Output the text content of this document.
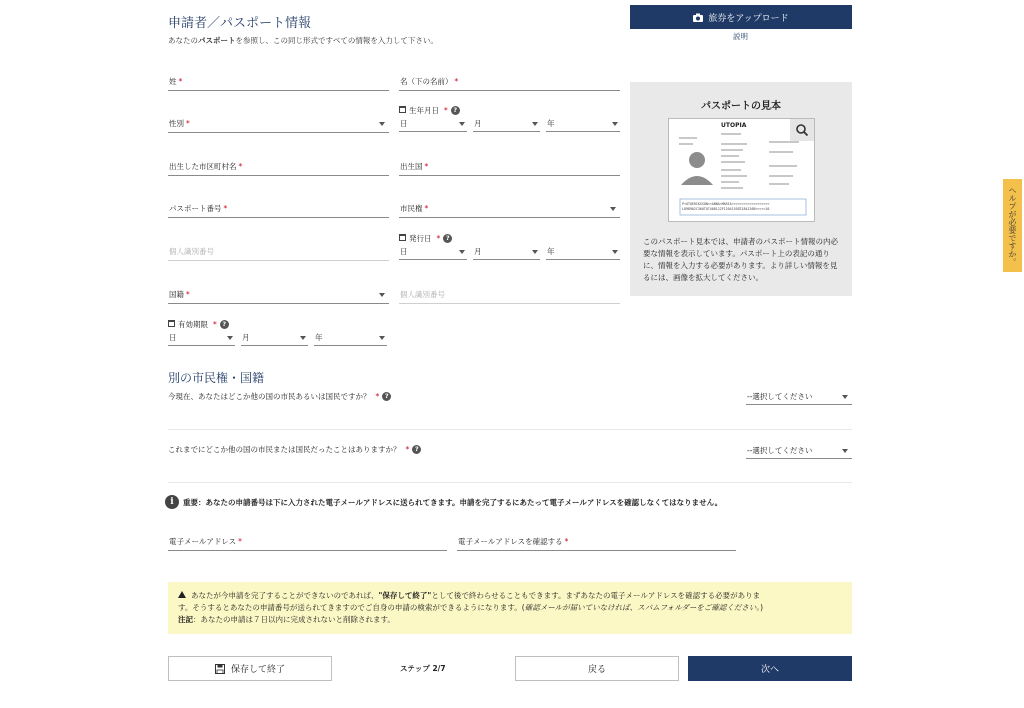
申請者／パスポート情報
あなたのパスポートを参照し、この同じ形式ですべての情報を入力して下さい。
旅券をアップロード
説明
姓 *	名（下の名前） *
性別 *
生年月日 * ?
日	月	年
出生した市区町村名 *	出生国 *
パスポート番号 *	市民権 *
個人識別番号
発行日 * ?
日	月	年
国籍 *	個人識別番号
有効期限 * ?
日	月	年
パスポートの見本
UTOPIA
P<UTOERIKSSON<<ANNA<MARIA<<<<<<<<<<<<<<<<<<<
L898902C36UTO7408122F1204159ZE184226B<<<<<10
このパスポート見本では、申請者のパスポート情報の内必要な情報を表示しています。パスポート上の表記の通りに、情報を入力する必要があります。より詳しい情報を見るには、画像を拡大してください。
別の市民権・国籍
今現在、あなたはどこか他の国の市民あるいは国民ですか？ * ?	--選択してください
これまでにどこか他の国の市民または国民だったことはありますか？ * ?	--選択してください
i	重要：あなたの申請番号は下に入力された電子メールアドレスに送られてきます。申請を完了するにあたって電子メールアドレスを確認しなくてはなりません。
電子メールアドレス *	電子メールアドレスを確認する *
あなたが今申請を完了することができないのであれば、"保存して終了"として後で終わらせることもできます。まずあなたの電子メールアドレスを確認する必要がありま
す。そうするとあなたの申請番号が送られてきますのでご自身の申請の検索ができるようになります。(確認メールが届いていなければ、スパムフォルダーをご確認ください。)
注記：あなたの申請は７日以内に完成されないと削除されます。
保存して終了	ステップ 2/7	戻る	次へ
ヘルプが必要ですか。
